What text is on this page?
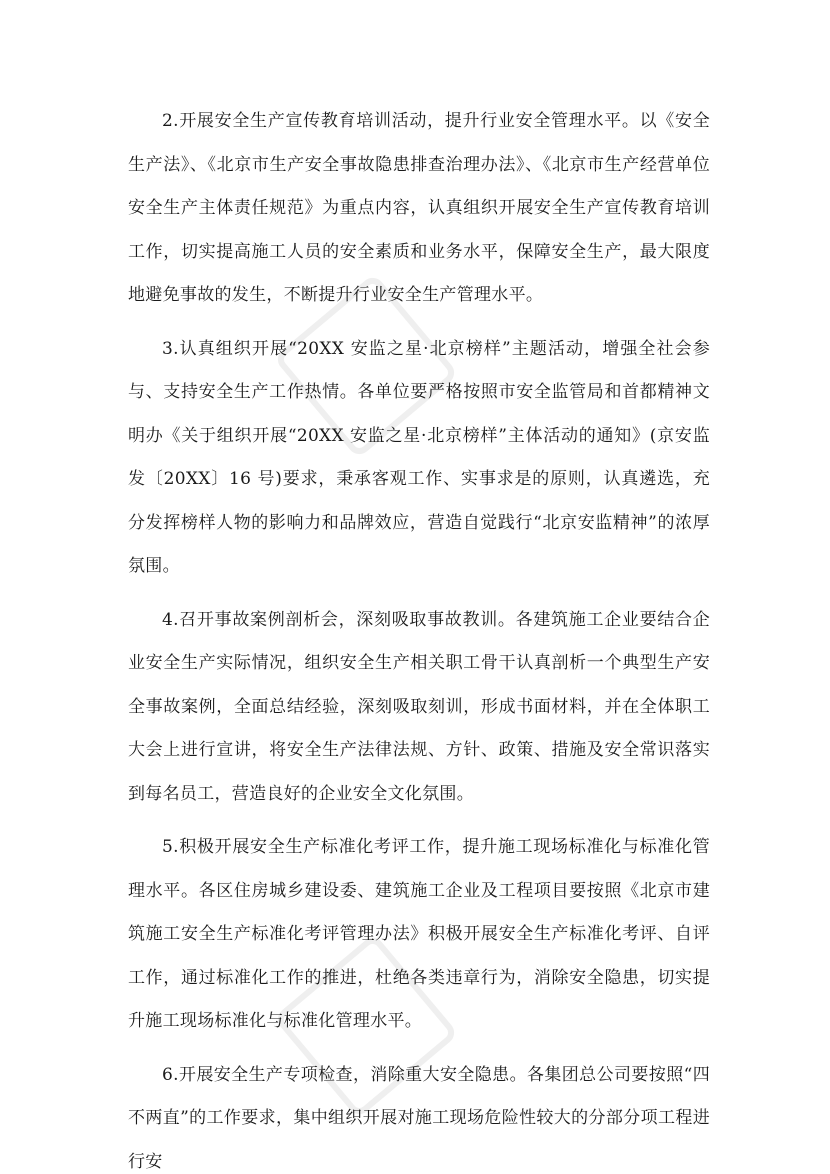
2.开展安全生产宣传教育培训活动，提升行业安全管理水平。以《安全生产法》、《北京市生产安全事故隐患排查治理办法》、《北京市生产经营单位安全生产主体责任规范》为重点内容，认真组织开展安全生产宣传教育培训工作，切实提高施工人员的安全素质和业务水平，保障安全生产，最大限度地避免事故的发生，不断提升行业安全生产管理水平。

3.认真组织开展“20XX 安监之星·北京榜样”主题活动，增强全社会参与、支持安全生产工作热情。各单位要严格按照市安全监管局和首都精神文明办《关于组织开展“20XX 安监之星·北京榜样”主体活动的通知》(京安监发〔20XX〕16 号)要求，秉承客观工作、实事求是的原则，认真遴选，充分发挥榜样人物的影响力和品牌效应，营造自觉践行“北京安监精神”的浓厚氛围。

4.召开事故案例剖析会，深刻吸取事故教训。各建筑施工企业要结合企业安全生产实际情况，组织安全生产相关职工骨干认真剖析一个典型生产安全事故案例，全面总结经验，深刻吸取刻训，形成书面材料，并在全体职工大会上进行宣讲，将安全生产法律法规、方针、政策、措施及安全常识落实到每名员工，营造良好的企业安全文化氛围。

5.积极开展安全生产标准化考评工作，提升施工现场标准化与标准化管理水平。各区住房城乡建设委、建筑施工企业及工程项目要按照《北京市建筑施工安全生产标准化考评管理办法》积极开展安全生产标准化考评、自评工作，通过标准化工作的推进，杜绝各类违章行为，消除安全隐患，切实提升施工现场标准化与标准化管理水平。

6.开展安全生产专项检查，消除重大安全隐患。各集团总公司要按照“四不两直”的工作要求，集中组织开展对施工现场危险性较大的分部分项工程进行安
